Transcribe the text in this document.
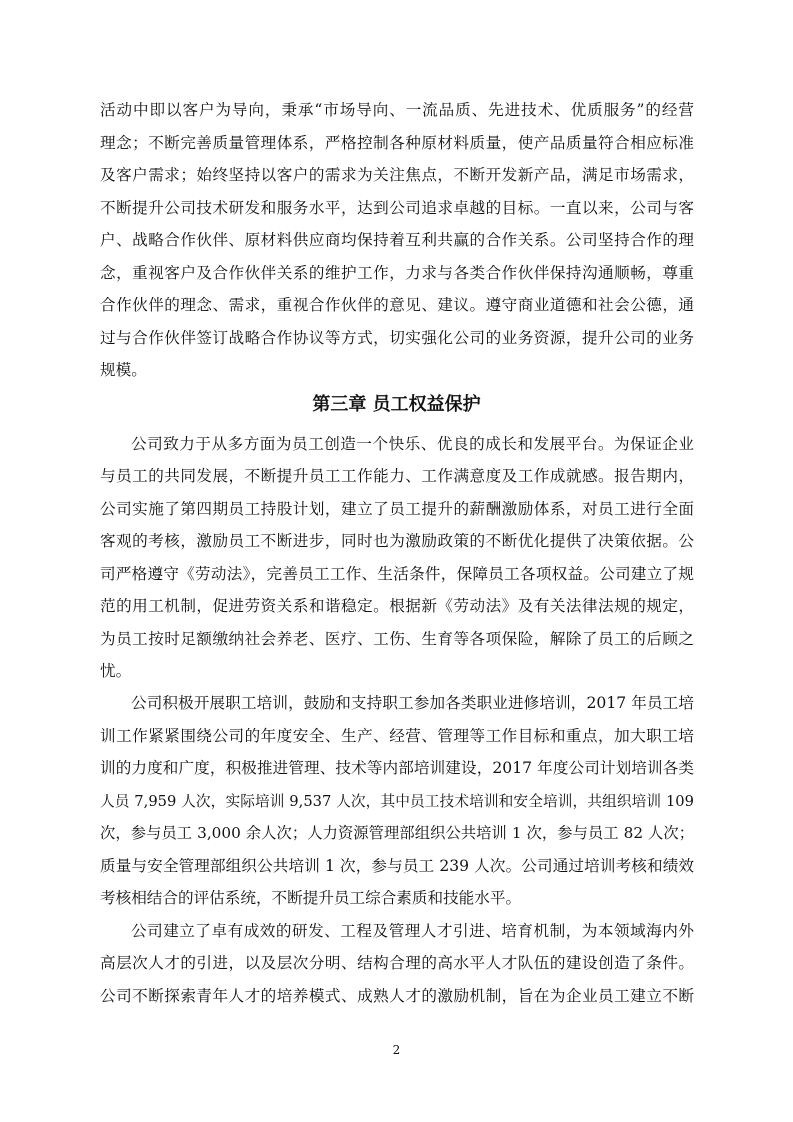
活动中即以客户为导向，秉承“市场导向、一流品质、先进技术、优质服务”的经营
理念；不断完善质量管理体系，严格控制各种原材料质量，使产品质量符合相应标准
及客户需求；始终坚持以客户的需求为关注焦点，不断开发新产品，满足市场需求，
不断提升公司技术研发和服务水平，达到公司追求卓越的目标。一直以来，公司与客
户、战略合作伙伴、原材料供应商均保持着互利共赢的合作关系。公司坚持合作的理
念，重视客户及合作伙伴关系的维护工作，力求与各类合作伙伴保持沟通顺畅，尊重
合作伙伴的理念、需求，重视合作伙伴的意见、建议。遵守商业道德和社会公德，通
过与合作伙伴签订战略合作协议等方式，切实强化公司的业务资源，提升公司的业务
规模。
第三章 员工权益保护
公司致力于从多方面为员工创造一个快乐、优良的成长和发展平台。为保证企业
与员工的共同发展，不断提升员工工作能力、工作满意度及工作成就感。报告期内，
公司实施了第四期员工持股计划，建立了员工提升的薪酬激励体系，对员工进行全面
客观的考核，激励员工不断进步，同时也为激励政策的不断优化提供了决策依据。公
司严格遵守《劳动法》，完善员工工作、生活条件，保障员工各项权益。公司建立了规
范的用工机制，促进劳资关系和谐稳定。根据新《劳动法》及有关法律法规的规定，
为员工按时足额缴纳社会养老、医疗、工伤、生育等各项保险，解除了员工的后顾之
忧。
公司积极开展职工培训，鼓励和支持职工参加各类职业进修培训，2017 年员工培
训工作紧紧围绕公司的年度安全、生产、经营、管理等工作目标和重点，加大职工培
训的力度和广度，积极推进管理、技术等内部培训建设，2017 年度公司计划培训各类
人员 7,959 人次，实际培训 9,537 人次，其中员工技术培训和安全培训，共组织培训 109
次，参与员工 3,000 余人次；人力资源管理部组织公共培训 1 次，参与员工 82 人次；
质量与安全管理部组织公共培训 1 次，参与员工 239 人次。公司通过培训考核和绩效
考核相结合的评估系统，不断提升员工综合素质和技能水平。
公司建立了卓有成效的研发、工程及管理人才引进、培育机制，为本领域海内外
高层次人才的引进，以及层次分明、结构合理的高水平人才队伍的建设创造了条件。
公司不断探索青年人才的培养模式、成熟人才的激励机制，旨在为企业员工建立不断
2
